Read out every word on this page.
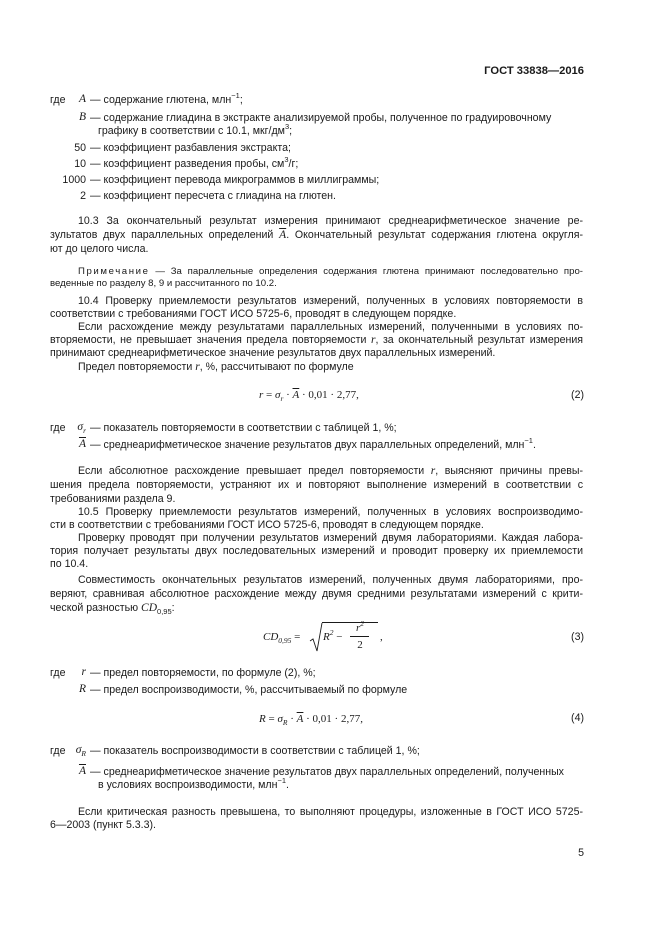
ГОСТ 33838—2016
где A — содержание глютена, млн$^{-1}$;
B — содержание глиадина в экстракте анализируемой пробы, полученное по градуировочному
графику в соответствии с 10.1, мкг/$дм^3$;
50 — коэффициент разбавления экстракта;
10 — коэффициент разведения пробы, $см^3/г$;
1000 — коэффициент перевода микрограммов в миллиграммы;
2 — коэффициент пересчета с глиадина на глютен.
10.3 За окончательный результат измерения принимают среднеарифметическое значение ре-
зультатов двух параллельных определений $\overline{A}$. Окончательный результат содержания глютена округля-
ют до целого числа.
Примечание — За параллельные определения содержания глютена принимают последовательно про-
веденные по разделу 8, 9 и рассчитанного по 10.2.
10.4 Проверку приемлемости результатов измерений, полученных в условиях повторяемости в
соответствии с требованиями ГОСТ ИСО 5725-6, проводят в следующем порядке.
Если расхождение между результатами параллельных измерений, полученными в условиях по-
вторяемости, не превышает значения предела повторяемости r, за окончательный результат измерения
принимают среднеарифметическое значение результатов двух параллельных измерений.
Предел повторяемости r, %, рассчитывают по формуле
$r = \sigma_r \cdot \overline{A} \cdot 0,01 \cdot 2,77$,	(2)
где $\sigma_r$ — показатель повторяемости в соответствии с таблицей 1, %;
$\overline{A}$ — среднеарифметическое значение результатов двух параллельных определений, млн$^{-1}$.
Если абсолютное расхождение превышает предел повторяемости r, выясняют причины превы-
шения предела повторяемости, устраняют их и повторяют выполнение измерений в соответствии с
требованиями раздела 9.
10.5 Проверку приемлемости результатов измерений, полученных в условиях воспроизводимо-
сти в соответствии с требованиями ГОСТ ИСО 5725-6, проводят в следующем порядке.
Проверку проводят при получении результатов измерений двумя лабораториями. Каждая лабора-
тория получает результаты двух последовательных измерений и проводит проверку их приемлемости
по 10.4.
Совместимость окончательных результатов измерений, полученных двумя лабораториями, про-
веряют, сравнивая абсолютное расхождение между двумя средними результатами измерений с крити-
ческой разностью $CD_{0,95}$:
$CD_{0,95} = R^2$ −
$r^2$
2
,	(3)
где r — предел повторяемости, по формуле (2), %;
R — предел воспроизводимости, %, рассчитываемый по формуле
$R = \sigma_R \cdot \overline{A} \cdot 0,01 \cdot 2,77$,	(4)
где $\sigma_R$ — показатель воспроизводимости в соответствии с таблицей 1, %;
$\overline{A}$ — среднеарифметическое значение результатов двух параллельных определений, полученных
в условиях воспроизводимости, млн$^{-1}$.
Если критическая разность превышена, то выполняют процедуры, изложенные в ГОСТ ИСО 5725-
6—2003 (пункт 5.3.3).
5
